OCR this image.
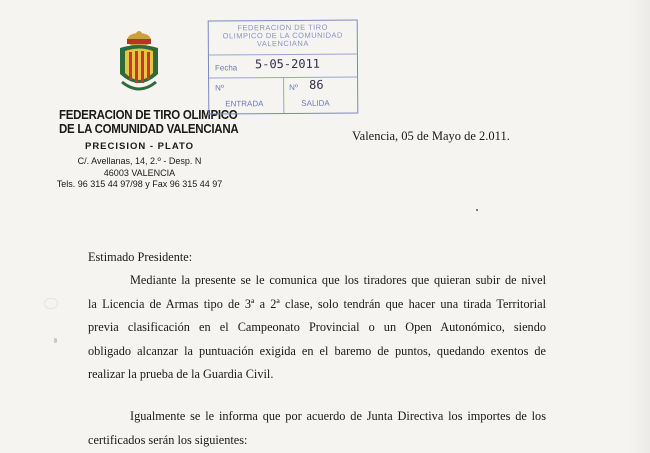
FEDERACION DE TIRO OLIMPICO
DE LA COMUNIDAD VALENCIANA
PRECISION - PLATO
C/. Avellanas, 14, 2.º - Desp. N
46003 VALENCIA
Tels. 96 315 44 97/98 y Fax 96 315 44 97
FEDERACION DE TIRO
OLIMPICO DE LA COMUNIDAD
VALENCIANA
Fecha 5-05-2011
Nº	Nº 86
ENTRADA	SALIDA
Valencia, 05 de Mayo de 2.011.
Estimado Presidente:
Mediante la presente se le comunica que los tiradores que quieran subir de nivel
la Licencia de Armas tipo de 3ª a 2ª clase, solo tendrán que hacer una tirada Territorial
previa clasificación en el Campeonato Provincial o un Open Autonómico, siendo
obligado alcanzar la puntuación exigida en el baremo de puntos, quedando exentos de
realizar la prueba de la Guardia Civil.
Igualmente se le informa que por acuerdo de Junta Directiva los importes de los
certificados serán los siguientes:
